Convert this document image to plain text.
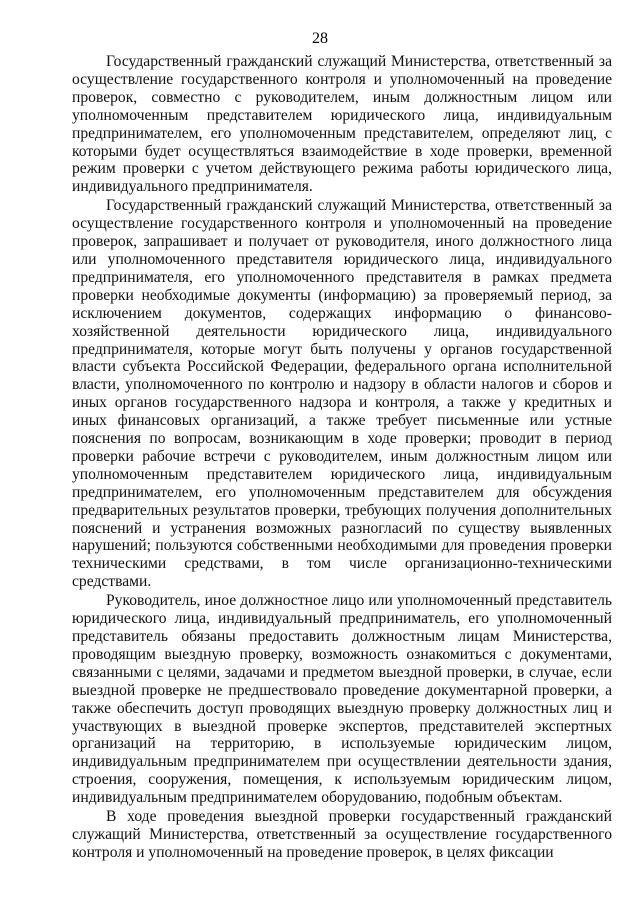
28

Государственный гражданский служащий Министерства, ответственный за осуществление государственного контроля и уполномоченный на проведение проверок, совместно с руководителем, иным должностным лицом или уполномоченным представителем юридического лица, индивидуальным предпринимателем, его уполномоченным представителем, определяют лиц, с которыми будет осуществляться взаимодействие в ходе проверки, временной режим проверки с учетом действующего режима работы юридического лица, индивидуального предпринимателя.

Государственный гражданский служащий Министерства, ответственный за осуществление государственного контроля и уполномоченный на проведение проверок, запрашивает и получает от руководителя, иного должностного лица или уполномоченного представителя юридического лица, индивидуального предпринимателя, его уполномоченного представителя в рамках предмета проверки необходимые документы (информацию) за проверяемый период, за исключением документов, содержащих информацию о финансово-хозяйственной деятельности юридического лица, индивидуального предпринимателя, которые могут быть получены у органов государственной власти субъекта Российской Федерации, федерального органа исполнительной власти, уполномоченного по контролю и надзору в области налогов и сборов и иных органов государственного надзора и контроля, а также у кредитных и иных финансовых организаций, а также требует письменные или устные пояснения по вопросам, возникающим в ходе проверки; проводит в период проверки рабочие встречи с руководителем, иным должностным лицом или уполномоченным представителем юридического лица, индивидуальным предпринимателем, его уполномоченным представителем для обсуждения предварительных результатов проверки, требующих получения дополнительных пояснений и устранения возможных разногласий по существу выявленных нарушений; пользуются собственными необходимыми для проведения проверки техническими средствами, в том числе организационно-техническими средствами.

Руководитель, иное должностное лицо или уполномоченный представитель юридического лица, индивидуальный предприниматель, его уполномоченный представитель обязаны предоставить должностным лицам Министерства, проводящим выездную проверку, возможность ознакомиться с документами, связанными с целями, задачами и предметом выездной проверки, в случае, если выездной проверке не предшествовало проведение документарной проверки, а также обеспечить доступ проводящих выездную проверку должностных лиц и участвующих в выездной проверке экспертов, представителей экспертных организаций на территорию, в используемые юридическим лицом, индивидуальным предпринимателем при осуществлении деятельности здания, строения, сооружения, помещения, к используемым юридическим лицом, индивидуальным предпринимателем оборудованию, подобным объектам.

В ходе проведения выездной проверки государственный гражданский служащий Министерства, ответственный за осуществление государственного контроля и уполномоченный на проведение проверок, в целях фиксации
